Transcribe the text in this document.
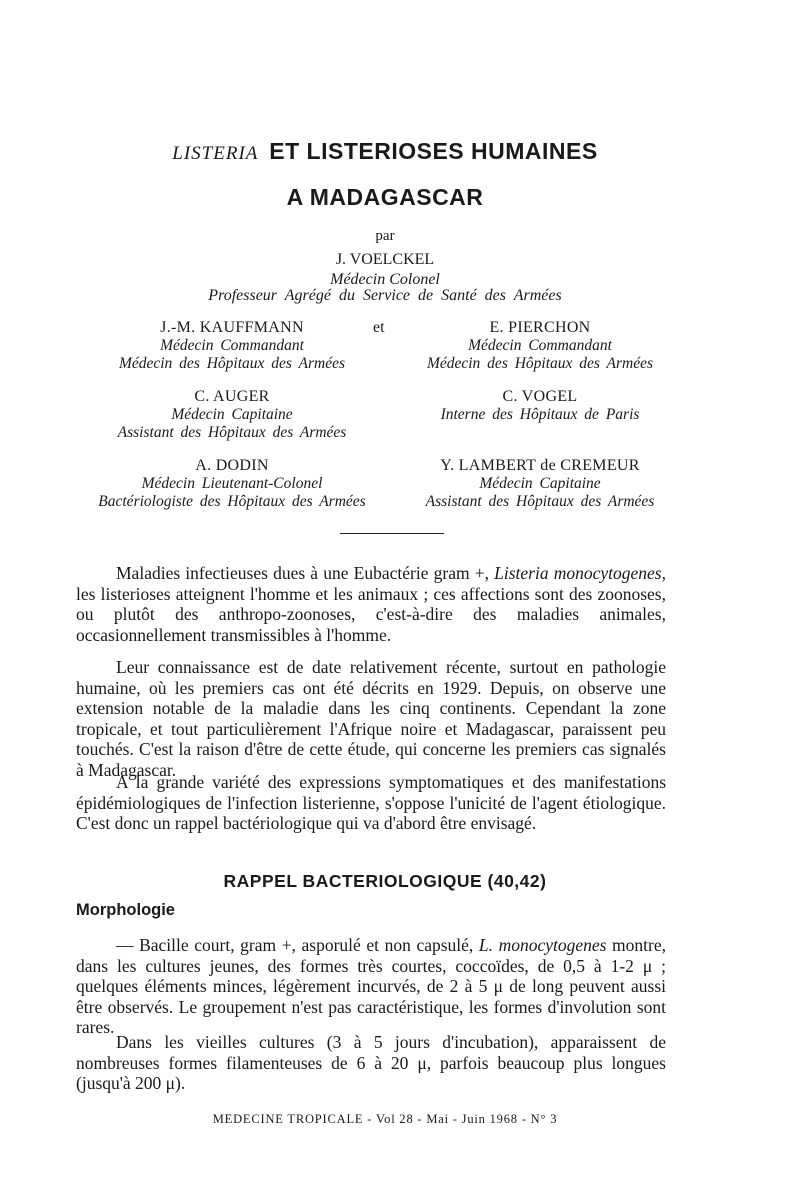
LISTERIA ET LISTERIOSES HUMAINES
A MADAGASCAR
par
J. VOELCKEL
Médecin Colonel
Professeur Agrégé du Service de Santé des Armées
et
J.-M. KAUFFMANN
Médecin Commandant
Médecin des Hôpitaux des Armées
C. AUGER
Médecin Capitaine
Assistant des Hôpitaux des Armées
A. DODIN
Médecin Lieutenant-Colonel
Bactériologiste des Hôpitaux des Armées
E. PIERCHON
Médecin Commandant
Médecin des Hôpitaux des Armées
C. VOGEL
Interne des Hôpitaux de Paris
Y. LAMBERT de CREMEUR
Médecin Capitaine
Assistant des Hôpitaux des Armées

Maladies infectieuses dues à une Eubactérie gram +, Listeria monocytogenes, les listerioses atteignent l'homme et les animaux ; ces affections sont des zoonoses, ou plutôt des anthropo-zoonoses, c'est-à-dire des maladies animales, occasionnellement transmissibles à l'homme.

Leur connaissance est de date relativement récente, surtout en pathologie humaine, où les premiers cas ont été décrits en 1929. Depuis, on observe une extension notable de la maladie dans les cinq continents. Cependant la zone tropicale, et tout particulièrement l'Afrique noire et Madagascar, paraissent peu touchés. C'est la raison d'être de cette étude, qui concerne les premiers cas signalés à Madagascar.

A la grande variété des expressions symptomatiques et des manifestations épidémiologiques de l'infection listerienne, s'oppose l'unicité de l'agent étiologique. C'est donc un rappel bactériologique qui va d'abord être envisagé.

RAPPEL BACTERIOLOGIQUE (40,42)
Morphologie

— Bacille court, gram +, asporulé et non capsulé, L. monocytogenes montre, dans les cultures jeunes, des formes très courtes, coccoïdes, de 0,5 à 1-2 μ ; quelques éléments minces, légèrement incurvés, de 2 à 5 μ de long peuvent aussi être observés. Le groupement n'est pas caractéristique, les formes d'involution sont rares.

Dans les vieilles cultures (3 à 5 jours d'incubation), apparaissent de nombreuses formes filamenteuses de 6 à 20 μ, parfois beaucoup plus longues (jusqu'à 200 μ).

MEDECINE TROPICALE - Vol 28 - Mai - Juin 1968 - N° 3
